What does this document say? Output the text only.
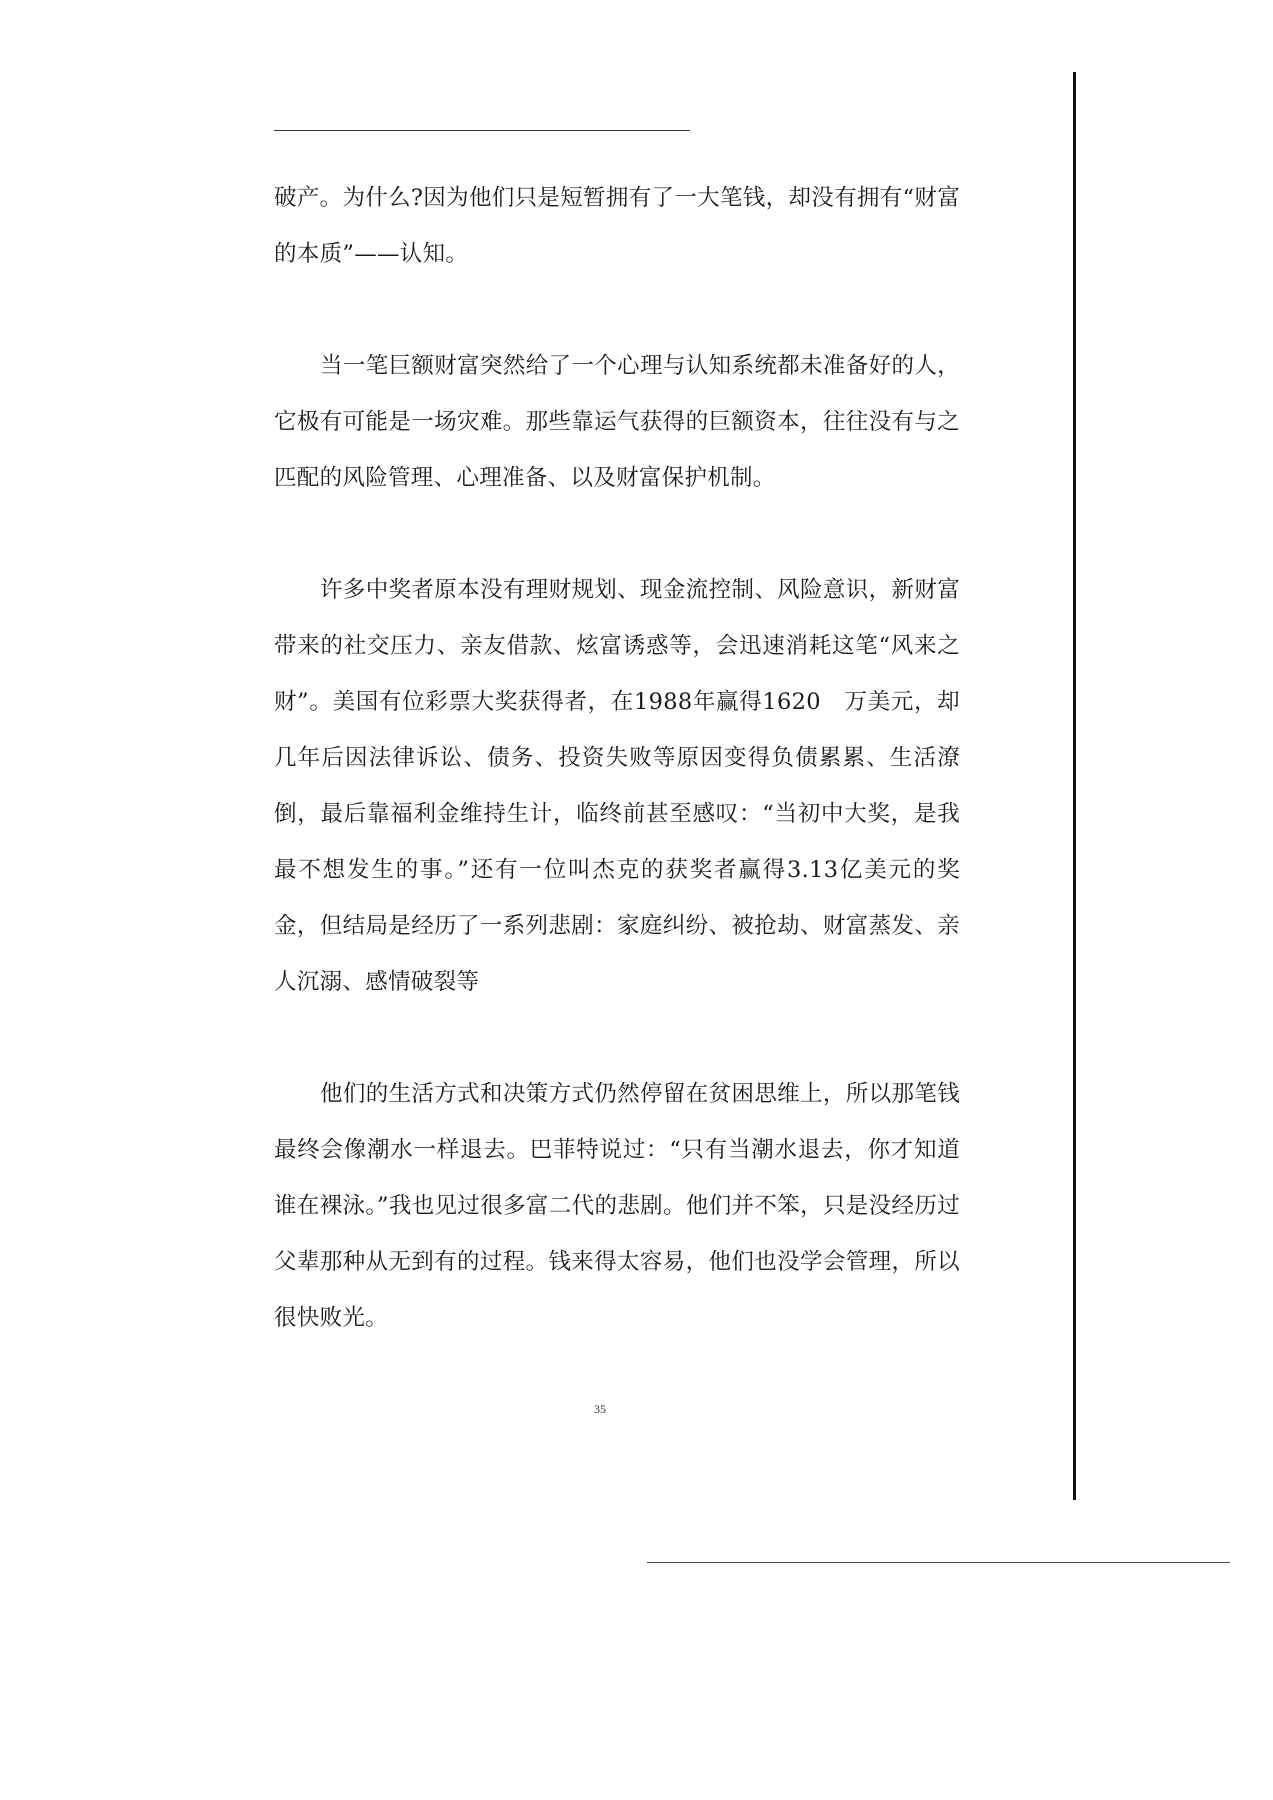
破产。为什么?因为他们只是短暂拥有了一大笔钱，却没有拥有“财富的本质”——认知。

当一笔巨额财富突然给了一个心理与认知系统都未准备好的人，它极有可能是一场灾难。那些靠运气获得的巨额资本，往往没有与之匹配的风险管理、心理准备、以及财富保护机制。

许多中奖者原本没有理财规划、现金流控制、风险意识，新财富带来的社交压力、亲友借款、炫富诱惑等，会迅速消耗这笔“风来之财”。美国有位彩票大奖获得者，在1988年赢得1620　万美元，却几年后因法律诉讼、债务、投资失败等原因变得负债累累、生活潦倒，最后靠福利金维持生计，临终前甚至感叹：“当初中大奖，是我最不想发生的事。”还有一位叫杰克的获奖者赢得3.13亿美元的奖金，但结局是经历了一系列悲剧：家庭纠纷、被抢劫、财富蒸发、亲人沉溺、感情破裂等

他们的生活方式和决策方式仍然停留在贫困思维上，所以那笔钱最终会像潮水一样退去。巴菲特说过：“只有当潮水退去，你才知道谁在裸泳。”我也见过很多富二代的悲剧。他们并不笨，只是没经历过父辈那种从无到有的过程。钱来得太容易，他们也没学会管理，所以很快败光。

35
